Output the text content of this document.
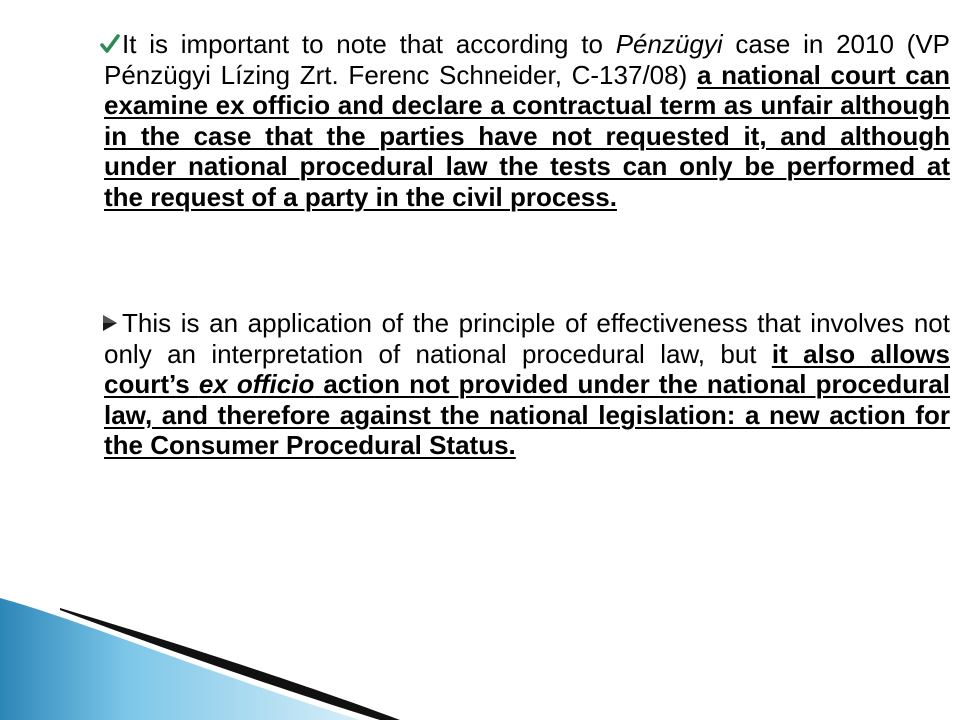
It is important to note that according to Pénzügyi case in 2010 (VP Pénzügyi Lízing Zrt. Ferenc Schneider, C-137/08) a national court can examine ex officio and declare a contractual term as unfair although in the case that the parties have not requested it, and although under national procedural law the tests can only be performed at the request of a party in the civil process.
This is an application of the principle of effectiveness that involves not only an interpretation of national procedural law, but it also allows court’s ex officio action not provided under the national procedural law, and therefore against the national legislation: a new action for the Consumer Procedural Status.
